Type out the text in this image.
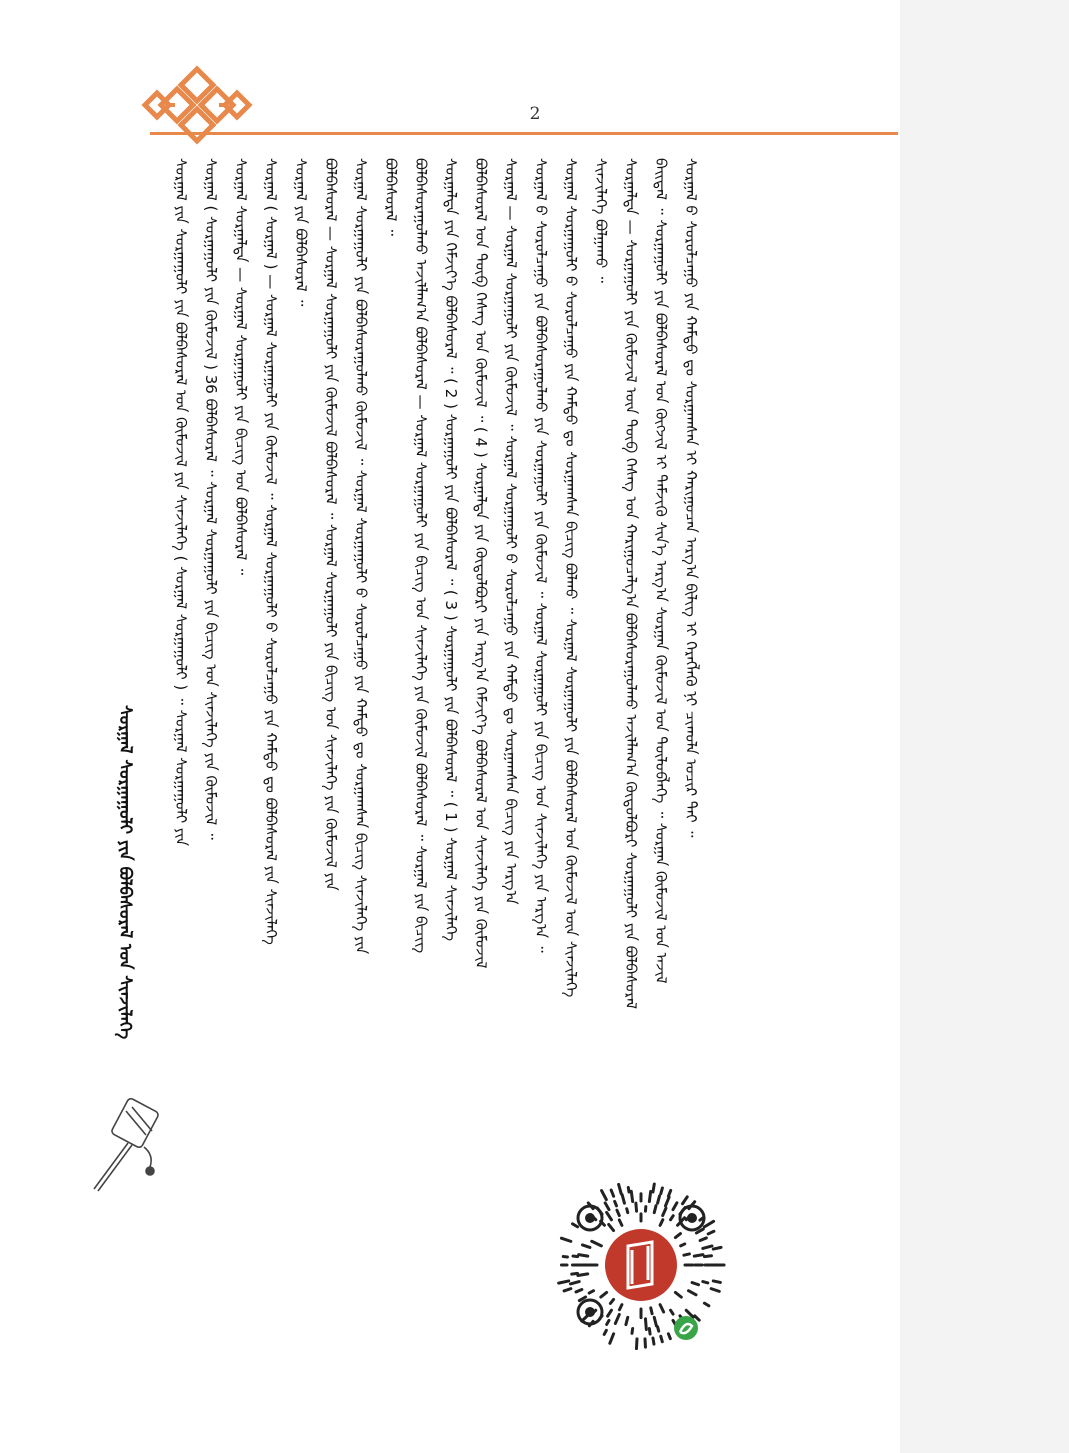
2
ᠰᠤᠷᠭᠠᠯ ᠪ ᠰᠤᠷᠤᠯᠴᠠᠭᠤ ᠶᠢᠨ ᠬᠠᠮᠲᠤ ᠳᠤ ᠰᠤᠷᠭᠠᠭᠰᠠᠨ ᠢ ᠬᠠᠷᠢᠭᠤᠴᠠᠨ ᠠᠷᠭ᠎ᠠ ᠪᠢᠯᠢᠭ ᠢ ᠬᠡᠷᠡᠭᠯᠡᠬᠦ ᠨᠢ ᠴᠢᠬᠤᠯᠠ ᠤᠴᠢᠷ ᠲᠠᠢ ᠃
ᠪᠠᠢᠳᠠᠯ ᠃ ᠰᠤᠷᠭᠠᠭᠤᠯᠢ ᠶᠢᠨ ᠪᠣᠯᠪᠠᠰᠤᠷᠠᠯ ᠤᠨ ᠬᠥᠭᠵᠢᠯ ᠢ ᠳᠡᠮᠵᠢᠬᠦ ᠰᠢᠨ᠎ᠡ ᠠᠷᠭ᠎ᠠ ᠰᠤᠷᠭᠠᠨ ᠬᠥᠮᠦᠵᠢᠯ ᠤᠨ ᠲᠥᠯᠦᠪᠯᠡᠭᠡ ᠃ ᠰᠤᠷᠭᠠᠨ ᠬᠥᠮᠦᠵᠢᠯ ᠤᠨ ᠠᠵᠢᠯ
ᠰᠤᠷᠭᠠᠯᠲᠠ — ᠰᠤᠷᠭᠠᠭᠤᠯᠢ ᠶᠢᠨ ᠬᠥᠮᠦᠵᠢᠯ ᠦᠨ ᠲᠥᠪ ᠬᠡᠰᠡᠭ ᠤᠨ ᠬᠠᠷᠢᠭᠤᠴᠠᠯᠭ᠎ᠠ ᠪᠣᠯᠪᠠᠰᠤᠷᠠᠭᠤᠯᠬᠤ ᠠᠵᠢᠯᠯᠠᠭ᠎ᠠ ᠬᠥᠲᠦᠯᠪᠦᠷᠢ ᠰᠤᠷᠭᠠᠭᠤᠯᠢ ᠶᠢᠨ ᠪᠣᠯᠪᠠᠰᠤᠷᠠᠯ
ᠰᠢᠨᠵᠢᠯᠡᠭᠡ ᠪᠣᠯᠭᠠᠬᠤ ᠃
ᠰᠤᠷᠭᠠᠯ ᠰᠤᠷᠭᠠᠭᠤᠯᠢ ᠪ ᠰᠤᠷᠤᠯᠴᠠᠭᠤ ᠶᠢᠨ ᠬᠠᠮᠲᠤ ᠳᠤ ᠰᠤᠷᠭᠠᠭᠰᠠᠨ ᠪᠢᠴᠢᠭ ᠪᠣᠯᠬᠤ ᠃ ᠰᠤᠷᠭᠠᠯ ᠰᠤᠷᠭᠠᠭᠤᠯᠢ ᠶᠢᠨ ᠪᠣᠯᠪᠠᠰᠤᠷᠠᠯ ᠤᠨ ᠬᠥᠮᠦᠵᠢᠯ ᠦᠨ ᠰᠢᠨᠵᠢᠯᠡᠭᠡ
ᠰᠤᠷᠭᠠᠯ ᠪ ᠰᠤᠷᠤᠯᠴᠠᠭᠤ ᠶᠢᠨ ᠪᠣᠯᠪᠠᠰᠤᠷᠠᠭᠤᠯᠬᠤ ᠶᠢᠨ ᠰᠤᠷᠭᠠᠭᠤᠯᠢ ᠶᠢᠨ ᠬᠥᠮᠦᠵᠢᠯ ᠃ ᠰᠤᠷᠭᠠᠯ ᠰᠤᠷᠭᠠᠭᠤᠯᠢ ᠶᠢᠨ ᠪᠢᠴᠢᠭ ᠤᠨ ᠰᠢᠨᠵᠢᠯᠡᠭᠡ ᠶᠢᠨ ᠠᠷᠭ᠎ᠠ ᠃
ᠰᠤᠷᠭᠠᠯ — ᠰᠤᠷᠭᠠᠯ ᠰᠤᠷᠭᠠᠭᠤᠯᠢ ᠶᠢᠨ ᠬᠥᠮᠦᠵᠢᠯ ᠃ ᠰᠤᠷᠭᠠᠯ ᠰᠤᠷᠭᠠᠭᠤᠯᠢ ᠪ ᠰᠤᠷᠤᠯᠴᠠᠭᠤ ᠶᠢᠨ ᠬᠠᠮᠲᠤ ᠳᠤ ᠰᠤᠷᠭᠠᠭᠰᠠᠨ ᠪᠢᠴᠢᠭ ᠶᠢᠨ ᠠᠷᠭ᠎ᠠ
ᠪᠣᠯᠪᠠᠰᠤᠷᠠᠯ ᠤᠨ ᠲᠥᠪ ᠬᠡᠰᠡᠭ ᠤᠨ ᠬᠥᠮᠦᠵᠢᠯ ᠃ ( 4 ) ᠰᠤᠷᠭᠠᠯᠲᠠ ᠶᠢᠨ ᠬᠥᠲᠦᠯᠪᠦᠷᠢ ᠶᠢᠨ ᠠᠷᠭ᠎ᠠ ᠬᠡᠮᠵᠢᠶ᠎ᠡ ᠪᠣᠯᠪᠠᠰᠤᠷᠠᠯ ᠤᠨ ᠰᠢᠨᠵᠢᠯᠡᠭᠡ ᠶᠢᠨ ᠬᠥᠮᠦᠵᠢᠯ
ᠰᠤᠷᠭᠠᠯᠲᠠ ᠶᠢᠨ ᠬᠡᠮᠵᠢᠶ᠎ᠡ ᠪᠣᠯᠪᠠᠰᠤᠷᠠᠯ ᠃ ( 2 ) ᠰᠤᠷᠭᠠᠭᠤᠯᠢ ᠶᠢᠨ ᠪᠣᠯᠪᠠᠰᠤᠷᠠᠯ ᠃ ( 3 ) ᠰᠤᠷᠭᠠᠭᠤᠯᠢ ᠶᠢᠨ ᠪᠣᠯᠪᠠᠰᠤᠷᠠᠯ ᠃ ( 1 ) ᠰᠤᠷᠭᠠᠯ ᠰᠢᠨᠵᠢᠯᠡᠭᠡ
ᠪᠣᠯᠪᠠᠰᠤᠷᠠᠭᠤᠯᠬᠤ ᠠᠵᠢᠯᠯᠠᠭ᠎ᠠ ᠪᠣᠯᠪᠠᠰᠤᠷᠠᠯ — ᠰᠤᠷᠭᠠᠯ ᠰᠤᠷᠭᠠᠭᠤᠯᠢ ᠶᠢᠨ ᠪᠢᠴᠢᠭ ᠤᠨ ᠰᠢᠨᠵᠢᠯᠡᠭᠡ ᠶᠢᠨ ᠬᠥᠮᠦᠵᠢᠯ ᠪᠣᠯᠪᠠᠰᠤᠷᠠᠯ ᠃ ᠰᠤᠷᠭᠠᠯ ᠶᠢᠨ ᠪᠢᠴᠢᠭ
ᠪᠣᠯᠪᠠᠰᠤᠷᠠᠯ ᠃
ᠰᠤᠷᠭᠠᠯ ᠰᠤᠷᠭᠠᠭᠤᠯᠢ ᠶᠢᠨ ᠪᠣᠯᠪᠠᠰᠤᠷᠠᠭᠤᠯᠬᠤ ᠬᠥᠮᠦᠵᠢᠯ ᠃ ᠰᠤᠷᠭᠠᠯ ᠰᠤᠷᠭᠠᠭᠤᠯᠢ ᠪ ᠰᠤᠷᠤᠯᠴᠠᠭᠤ ᠶᠢᠨ ᠬᠠᠮᠲᠤ ᠳᠤ ᠰᠤᠷᠭᠠᠭᠰᠠᠨ ᠪᠢᠴᠢᠭ ᠰᠢᠨᠵᠢᠯᠡᠭᠡ ᠶᠢᠨ
ᠪᠣᠯᠪᠠᠰᠤᠷᠠᠯ — ᠰᠤᠷᠭᠠᠯ ᠰᠤᠷᠭᠠᠭᠤᠯᠢ ᠶᠢᠨ ᠬᠥᠮᠦᠵᠢᠯ ᠪᠣᠯᠪᠠᠰᠤᠷᠠᠯ ᠃ ᠰᠤᠷᠭᠠᠯ ᠰᠤᠷᠭᠠᠭᠤᠯᠢ ᠶᠢᠨ ᠪᠢᠴᠢᠭ ᠤᠨ ᠰᠢᠨᠵᠢᠯᠡᠭᠡ ᠶᠢᠨ ᠬᠥᠮᠦᠵᠢᠯ ᠶᠢᠨ
ᠰᠤᠷᠭᠠᠯ ᠶᠢᠨ ᠪᠣᠯᠪᠠᠰᠤᠷᠠᠯ ᠃
ᠰᠤᠷᠭᠠᠯ ( ᠰᠤᠷᠭᠠᠯ ) — ᠰᠤᠷᠭᠠᠯ ᠰᠤᠷᠭᠠᠭᠤᠯᠢ ᠶᠢᠨ ᠬᠥᠮᠦᠵᠢᠯ ᠃ ᠰᠤᠷᠭᠠᠯ ᠰᠤᠷᠭᠠᠭᠤᠯᠢ ᠪ ᠰᠤᠷᠤᠯᠴᠠᠭᠤ ᠶᠢᠨ ᠬᠠᠮᠲᠤ ᠳᠤ ᠪᠣᠯᠪᠠᠰᠤᠷᠠᠯ ᠶᠢᠨ ᠰᠢᠨᠵᠢᠯᠡᠭᠡ
ᠰᠤᠷᠭᠠᠯ ᠰᠤᠷᠭᠠᠯᠲᠠ — ᠰᠤᠷᠭᠠᠯ ᠰᠤᠷᠭᠠᠭᠤᠯᠢ ᠶᠢᠨ ᠪᠢᠴᠢᠭ ᠤᠨ ᠪᠣᠯᠪᠠᠰᠤᠷᠠᠯ ᠃
ᠰᠤᠷᠭᠠᠯ ( ᠰᠤᠷᠭᠠᠭᠤᠯᠢ ᠶᠢᠨ ᠬᠥᠮᠦᠵᠢᠯ ) 36 ᠪᠣᠯᠪᠠᠰᠤᠷᠠᠯ ᠃ ᠰᠤᠷᠭᠠᠯ ᠰᠤᠷᠭᠠᠭᠤᠯᠢ ᠶᠢᠨ ᠪᠢᠴᠢᠭ ᠤᠨ ᠰᠢᠨᠵᠢᠯᠡᠭᠡ ᠶᠢᠨ ᠬᠥᠮᠦᠵᠢᠯ ᠃
ᠰᠤᠷᠭᠠᠯ ᠶᠢᠨ ᠰᠤᠷᠭᠠᠭᠤᠯᠢ ᠶᠢᠨ ᠪᠣᠯᠪᠠᠰᠤᠷᠠᠯ ᠤᠨ ᠬᠥᠮᠦᠵᠢᠯ ᠶᠢᠨ ᠰᠢᠨᠵᠢᠯᠡᠭᠡ ( ᠰᠤᠷᠭᠠᠯ ᠰᠤᠷᠭᠠᠭᠤᠯᠢ ) ᠃ ᠰᠤᠷᠭᠠᠯ ᠰᠤᠷᠭᠠᠭᠤᠯᠢ ᠶᠢᠨ
ᠰᠤᠷᠭᠠᠯ ᠰᠤᠷᠭᠠᠭᠤᠯᠢ ᠶᠢᠨ ᠪᠣᠯᠪᠠᠰᠤᠷᠠᠯ ᠤᠨ ᠰᠢᠨᠵᠢᠯᠡᠭᠡ
